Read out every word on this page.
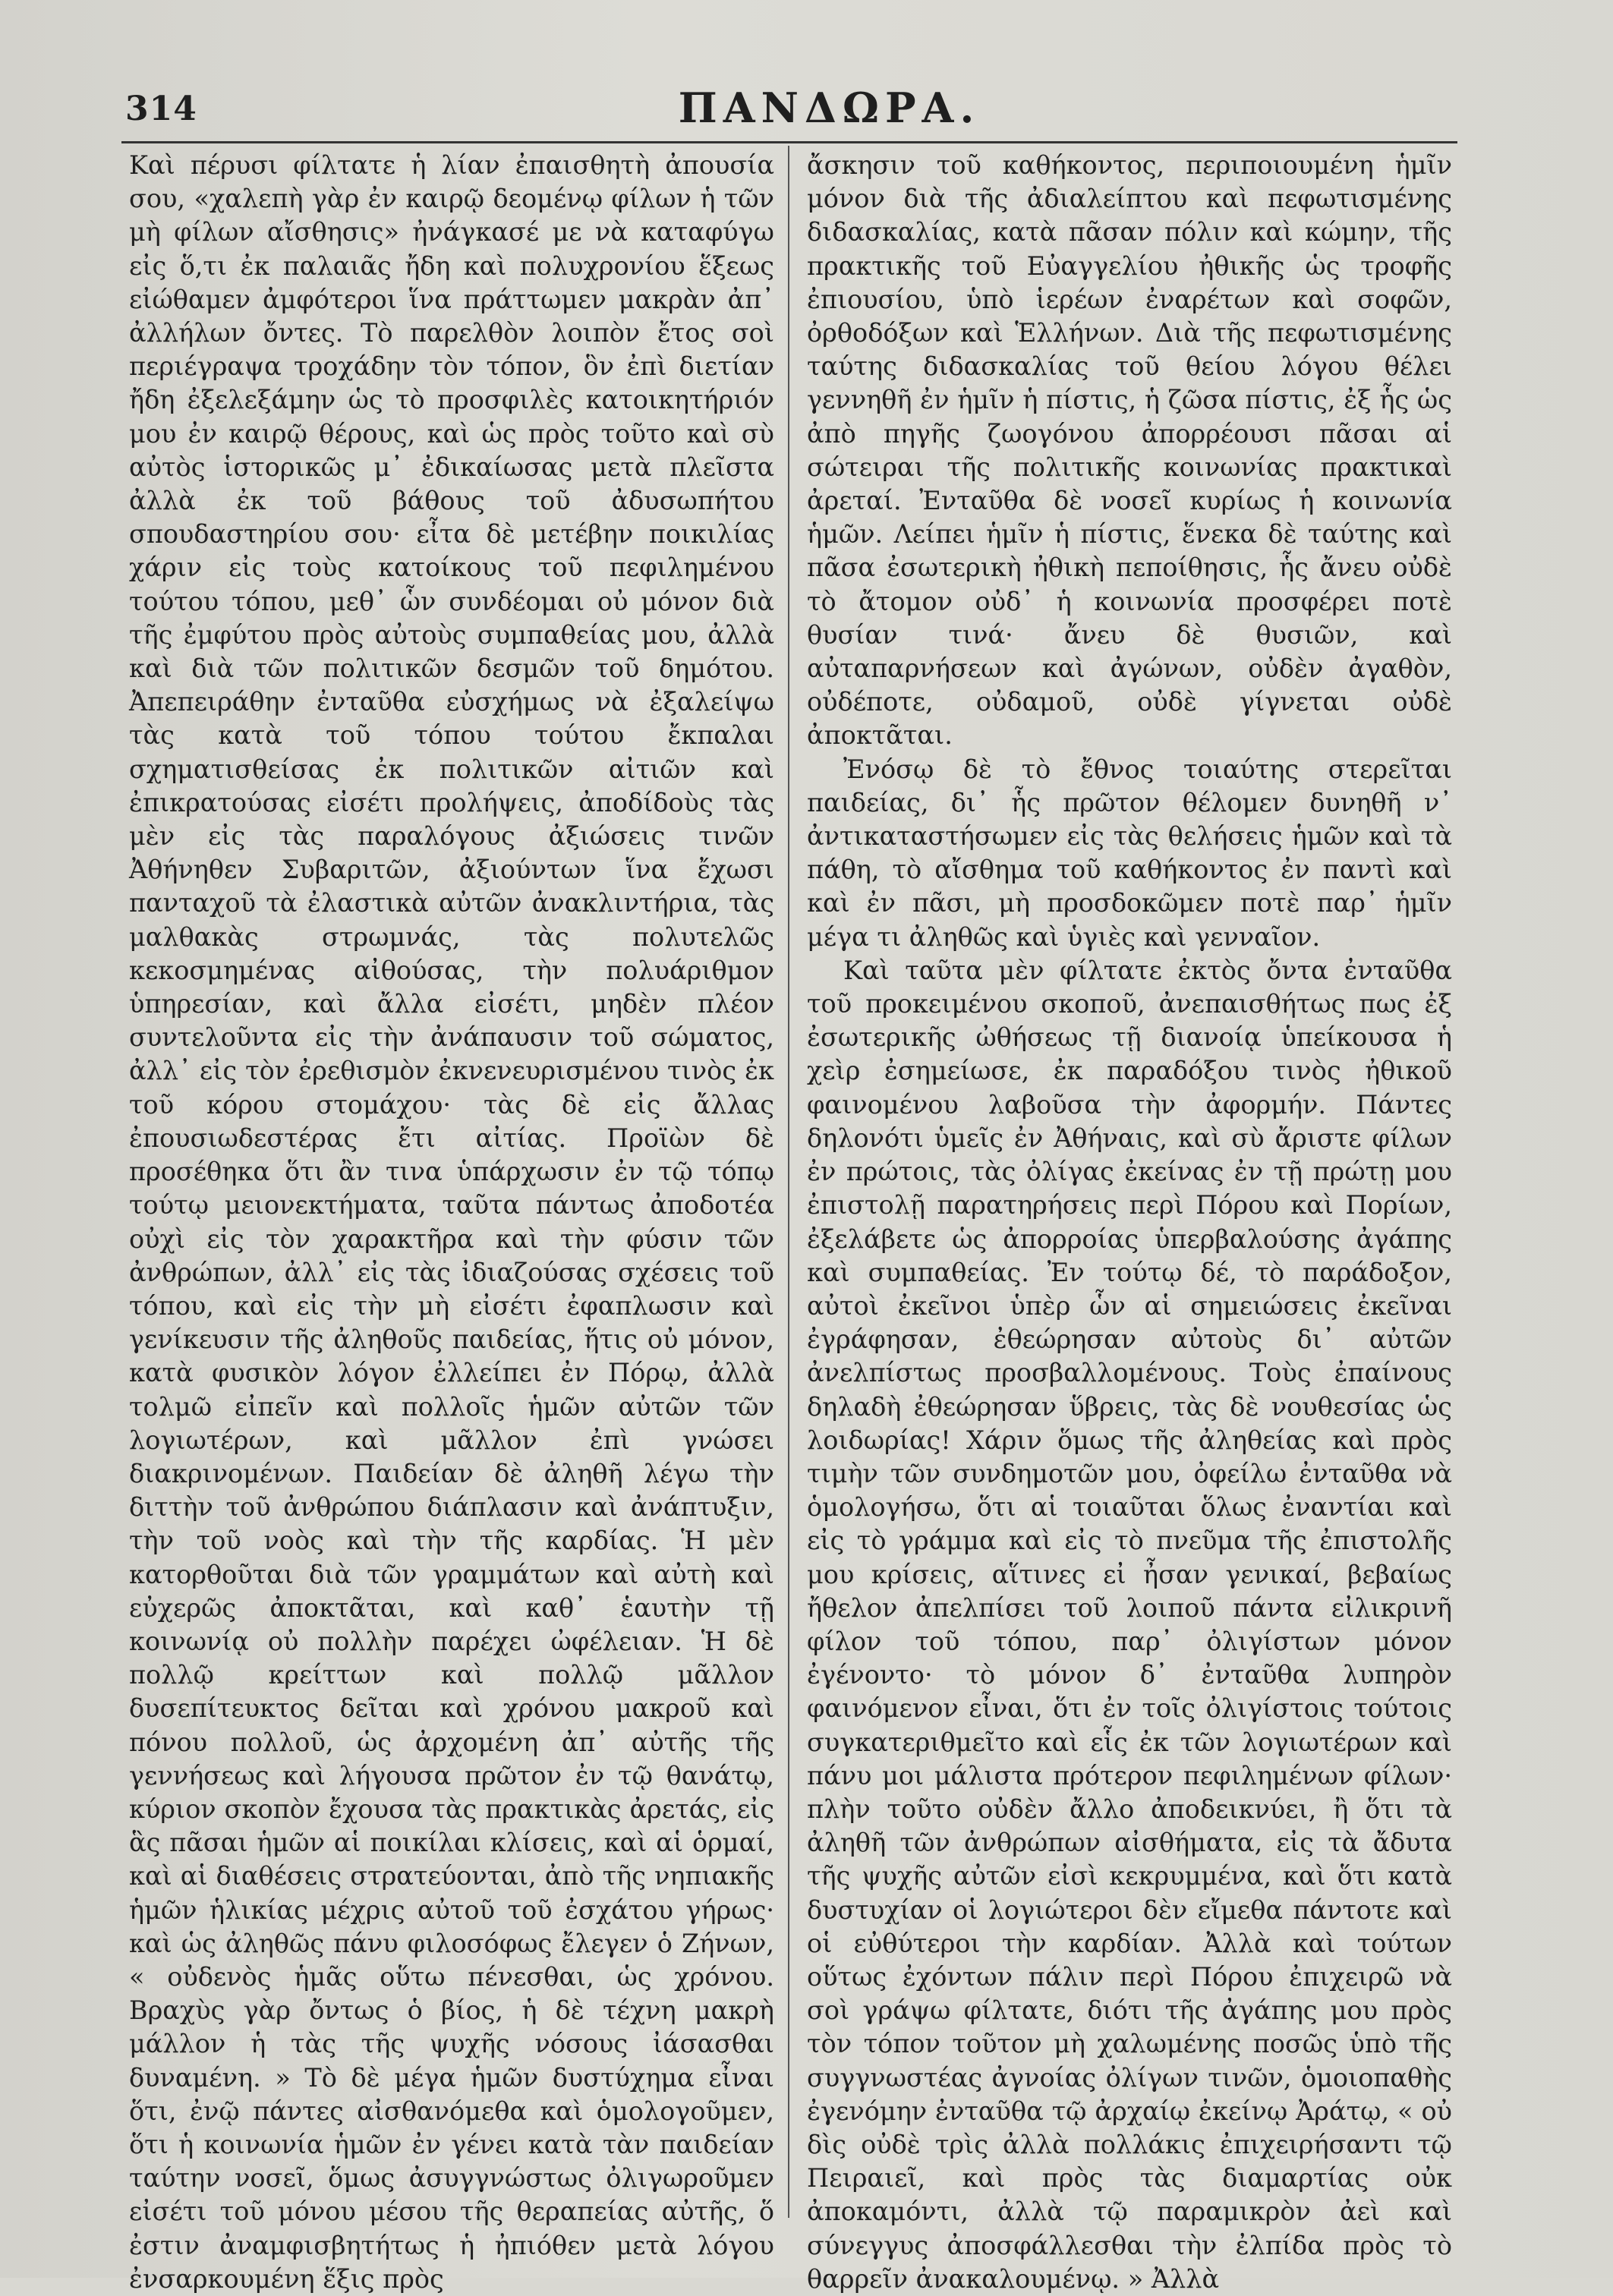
314	ΠΑΝΔΩΡΑ.

Καὶ πέρυσι φίλτατε ἡ λίαν ἐπαισθητὴ ἀπουσία σου, «χαλεπὴ γὰρ ἐν καιρῷ δεομένῳ φίλων ἡ τῶν μὴ φίλων αἴσθησις» ἠνάγκασέ με νὰ καταφύγω εἰς ὅ,τι ἐκ παλαιᾶς ἤδη καὶ πολυχρονίου ἕξεως εἰώθαμεν ἀμφότεροι ἵνα πράττωμεν μακρὰν ἀπ᾽ ἀλλήλων ὄντες. Τὸ παρελθὸν λοιπὸν ἔτος σοὶ περιέγραψα τροχάδην τὸν τόπον, ὃν ἐπὶ διετίαν ἤδη ἐξελεξάμην ὡς τὸ προσφιλὲς κατοικητήριόν μου ἐν καιρῷ θέρους, καὶ ὡς πρὸς τοῦτο καὶ σὺ αὐτὸς ἱστορικῶς μ᾽ ἐδικαίωσας μετὰ πλεῖστα ἀλλὰ ἐκ τοῦ βάθους τοῦ ἀδυσωπήτου σπουδαστηρίου σου· εἶτα δὲ μετέβην ποικιλίας χάριν εἰς τοὺς κατοίκους τοῦ πεφιλημένου τούτου τόπου, μεθ᾽ ὧν συνδέομαι οὐ μόνον διὰ τῆς ἐμφύτου πρὸς αὐτοὺς συμπαθείας μου, ἀλλὰ καὶ διὰ τῶν πολιτικῶν δεσμῶν τοῦ δημότου. Ἀπεπειράθην ἐνταῦθα εὐσχήμως νὰ ἐξαλείψω τὰς κατὰ τοῦ τόπου τούτου ἔκπαλαι σχηματισθείσας ἐκ πολιτικῶν αἰτιῶν καὶ ἐπικρατούσας εἰσέτι προλήψεις, ἀποδίδοὺς τὰς μὲν εἰς τὰς παραλόγους ἀξιώσεις τινῶν Ἀθήνηθεν Συβαριτῶν, ἀξιούντων ἵνα ἔχωσι πανταχοῦ τὰ ἐλαστικὰ αὐτῶν ἀνακλιντήρια, τὰς μαλθακὰς στρωμνάς, τὰς πολυτελῶς κεκοσμημένας αἰθούσας, τὴν πολυάριθμον ὑπηρεσίαν, καὶ ἄλλα εἰσέτι, μηδὲν πλέον συντελοῦντα εἰς τὴν ἀνάπαυσιν τοῦ σώματος, ἀλλ᾽ εἰς τὸν ἐρεθισμὸν ἐκνενευρισμένου τινὸς ἐκ τοῦ κόρου στομάχου· τὰς δὲ εἰς ἄλλας ἐπουσιωδεστέρας ἔτι αἰτίας. Προϊὼν δὲ προσέθηκα ὅτι ἂν τινα ὑπάρχωσιν ἐν τῷ τόπῳ τούτῳ μειονεκτήματα, ταῦτα πάντως ἀποδοτέα οὐχὶ εἰς τὸν χαρακτῆρα καὶ τὴν φύσιν τῶν ἀνθρώπων, ἀλλ᾽ εἰς τὰς ἰδιαζούσας σχέσεις τοῦ τόπου, καὶ εἰς τὴν μὴ εἰσέτι ἐφαπλωσιν καὶ γενίκευσιν τῆς ἀληθοῦς παιδείας, ἥτις οὐ μόνον, κατὰ φυσικὸν λόγον ἐλλείπει ἐν Πόρῳ, ἀλλὰ τολμῶ εἰπεῖν καὶ πολλοῖς ἡμῶν αὐτῶν τῶν λογιωτέρων, καὶ μᾶλλον ἐπὶ γνώσει διακρινομένων. Παιδείαν δὲ ἀληθῆ λέγω τὴν διττὴν τοῦ ἀνθρώπου διάπλασιν καὶ ἀνάπτυξιν, τὴν τοῦ νοὸς καὶ τὴν τῆς καρδίας. Ἡ μὲν κατορθοῦται διὰ τῶν γραμμάτων καὶ αὐτὴ καὶ εὐχερῶς ἀποκτᾶται, καὶ καθ᾽ ἑαυτὴν τῇ κοινωνίᾳ οὐ πολλὴν παρέχει ὠφέλειαν. Ἡ δὲ πολλῷ κρείττων καὶ πολλῷ μᾶλλον δυσεπίτευκτος δεῖται καὶ χρόνου μακροῦ καὶ πόνου πολλοῦ, ὡς ἀρχομένη ἀπ᾽ αὐτῆς τῆς γεννήσεως καὶ λήγουσα πρῶτον ἐν τῷ θανάτῳ, κύριον σκοπὸν ἔχουσα τὰς πρακτικὰς ἀρετάς, εἰς ἃς πᾶσαι ἡμῶν αἱ ποικίλαι κλίσεις, καὶ αἱ ὁρμαί, καὶ αἱ διαθέσεις στρατεύονται, ἀπὸ τῆς νηπιακῆς ἡμῶν ἡλικίας μέχρις αὐτοῦ τοῦ ἐσχάτου γήρως· καὶ ὡς ἀληθῶς πάνυ φιλοσόφως ἔλεγεν ὁ Ζήνων, « οὐδενὸς ἡμᾶς οὕτω πένεσθαι, ὡς χρόνου. Βραχὺς γὰρ ὄντως ὁ βίος, ἡ δὲ τέχνη μακρὴ μάλλον ἡ τὰς τῆς ψυχῆς νόσους ἰάσασθαι δυναμένη. » Τὸ δὲ μέγα ἡμῶν δυστύχημα εἶναι ὅτι, ἐνῷ πάντες αἰσθανόμεθα καὶ ὁμολογοῦμεν, ὅτι ἡ κοινωνία ἡμῶν ἐν γένει κατὰ τὰν παιδείαν ταύτην νοσεῖ, ὅμως ἀσυγγνώστως ὀλιγωροῦμεν εἰσέτι τοῦ μόνου μέσου τῆς θεραπείας αὐτῆς, ὅ ἐστιν ἀναμφισβητήτως ἡ ἠπιόθεν μετὰ λόγου ἐνσαρκουμένη ἕξις πρὸς

ἄσκησιν τοῦ καθήκοντος, περιποιουμένη ἡμῖν μόνον διὰ τῆς ἀδιαλείπτου καὶ πεφωτισμένης διδασκαλίας, κατὰ πᾶσαν πόλιν καὶ κώμην, τῆς πρακτικῆς τοῦ Εὐαγγελίου ἠθικῆς ὡς τροφῆς ἐπιουσίου, ὑπὸ ἱερέων ἐναρέτων καὶ σοφῶν, ὀρθοδόξων καὶ Ἑλλήνων. Διὰ τῆς πεφωτισμένης ταύτης διδασκαλίας τοῦ θείου λόγου θέλει γεννηθῆ ἐν ἡμῖν ἡ πίστις, ἡ ζῶσα πίστις, ἐξ ἧς ὡς ἀπὸ πηγῆς ζωογόνου ἀπορρέουσι πᾶσαι αἱ σώτειραι τῆς πολιτικῆς κοινωνίας πρακτικαὶ ἀρεταί. Ἐνταῦθα δὲ νοσεῖ κυρίως ἡ κοινωνία ἡμῶν. Λείπει ἡμῖν ἡ πίστις, ἕνεκα δὲ ταύτης καὶ πᾶσα ἐσωτερικὴ ἠθικὴ πεποίθησις, ἧς ἄνευ οὐδὲ τὸ ἄτομον οὐδ᾽ ἡ κοινωνία προσφέρει ποτὲ θυσίαν τινά· ἄνευ δὲ θυσιῶν, καὶ αὐταπαρνήσεων καὶ ἀγώνων, οὐδὲν ἀγαθὸν, οὐδέποτε, οὐδαμοῦ, οὐδὲ γίγνεται οὐδὲ ἀποκτᾶται.

Ἐνόσῳ δὲ τὸ ἔθνος τοιαύτης στερεῖται παιδείας, δι᾽ ἧς πρῶτον θέλομεν δυνηθῆ ν᾽ ἀντικαταστήσωμεν εἰς τὰς θελήσεις ἡμῶν καὶ τὰ πάθη, τὸ αἴσθημα τοῦ καθήκοντος ἐν παντὶ καὶ καὶ ἐν πᾶσι, μὴ προσδοκῶμεν ποτὲ παρ᾽ ἡμῖν μέγα τι ἀληθῶς καὶ ὑγιὲς καὶ γενναῖον.

Καὶ ταῦτα μὲν φίλτατε ἐκτὸς ὄντα ἐνταῦθα τοῦ προκειμένου σκοποῦ, ἀνεπαισθήτως πως ἐξ ἐσωτερικῆς ὠθήσεως τῇ διανοίᾳ ὑπείκουσα ἡ χεὶρ ἐσημείωσε, ἐκ παραδόξου τινὸς ἠθικοῦ φαινομένου λαβοῦσα τὴν ἀφορμήν. Πάντες δηλονότι ὑμεῖς ἐν Ἀθήναις, καὶ σὺ ἄριστε φίλων ἐν πρώτοις, τὰς ὀλίγας ἐκείνας ἐν τῇ πρώτῃ μου ἐπιστολῇ παρατηρήσεις περὶ Πόρου καὶ Πορίων, ἐξελάβετε ὡς ἀπορροίας ὑπερβαλούσης ἀγάπης καὶ συμπαθείας. Ἐν τούτῳ δέ, τὸ παράδοξον, αὐτοὶ ἐκεῖνοι ὑπὲρ ὧν αἱ σημειώσεις ἐκεῖναι ἐγράφησαν, ἐθεώρησαν αὐτοὺς δι᾽ αὐτῶν ἀνελπίστως προσβαλλομένους. Τοὺς ἐπαίνους δηλαδὴ ἐθεώρησαν ὕβρεις, τὰς δὲ νουθεσίας ὡς λοιδωρίας! Χάριν ὅμως τῆς ἀληθείας καὶ πρὸς τιμὴν τῶν συνδημοτῶν μου, ὀφείλω ἐνταῦθα νὰ ὁμολογήσω, ὅτι αἱ τοιαῦται ὅλως ἐναντίαι καὶ εἰς τὸ γράμμα καὶ εἰς τὸ πνεῦμα τῆς ἐπιστολῆς μου κρίσεις, αἵτινες εἰ ἦσαν γενικαί, βεβαίως ἤθελον ἀπελπίσει τοῦ λοιποῦ πάντα εἰλικρινῆ φίλον τοῦ τόπου, παρ᾽ ὀλιγίστων μόνον ἐγένοντο· τὸ μόνον δ᾽ ἐνταῦθα λυπηρὸν φαινόμενον εἶναι, ὅτι ἐν τοῖς ὀλιγίστοις τούτοις συγκατεριθμεῖτο καὶ εἷς ἐκ τῶν λογιωτέρων καὶ πάνυ μοι μάλιστα πρότερον πεφιλημένων φίλων· πλὴν τοῦτο οὐδὲν ἄλλο ἀποδεικνύει, ἢ ὅτι τὰ ἀληθῆ τῶν ἀνθρώπων αἰσθήματα, εἰς τὰ ἄδυτα τῆς ψυχῆς αὐτῶν εἰσὶ κεκρυμμένα, καὶ ὅτι κατὰ δυστυχίαν οἱ λογιώτεροι δὲν εἴμεθα πάντοτε καὶ οἱ εὐθύτεροι τὴν καρδίαν. Ἀλλὰ καὶ τούτων οὕτως ἐχόντων πάλιν περὶ Πόρου ἐπιχειρῶ νὰ σοὶ γράψω φίλτατε, διότι τῆς ἀγάπης μου πρὸς τὸν τόπον τοῦτον μὴ χαλωμένης ποσῶς ὑπὸ τῆς συγγνωστέας ἀγνοίας ὀλίγων τινῶν, ὁμοιοπαθὴς ἐγενόμην ἐνταῦθα τῷ ἀρχαίῳ ἐκείνῳ Ἀράτῳ, « οὐ δὶς οὐδὲ τρὶς ἀλλὰ πολλάκις ἐπιχειρήσαντι τῷ Πειραιεῖ, καὶ πρὸς τὰς διαμαρτίας οὐκ ἀποκαμόντι, ἀλλὰ τῷ παραμικρὸν ἀεὶ καὶ σύνεγγυς ἀποσφάλλεσθαι τὴν ἐλπίδα πρὸς τὸ θαρρεῖν ἀνακαλουμένῳ. » Ἀλλὰ
